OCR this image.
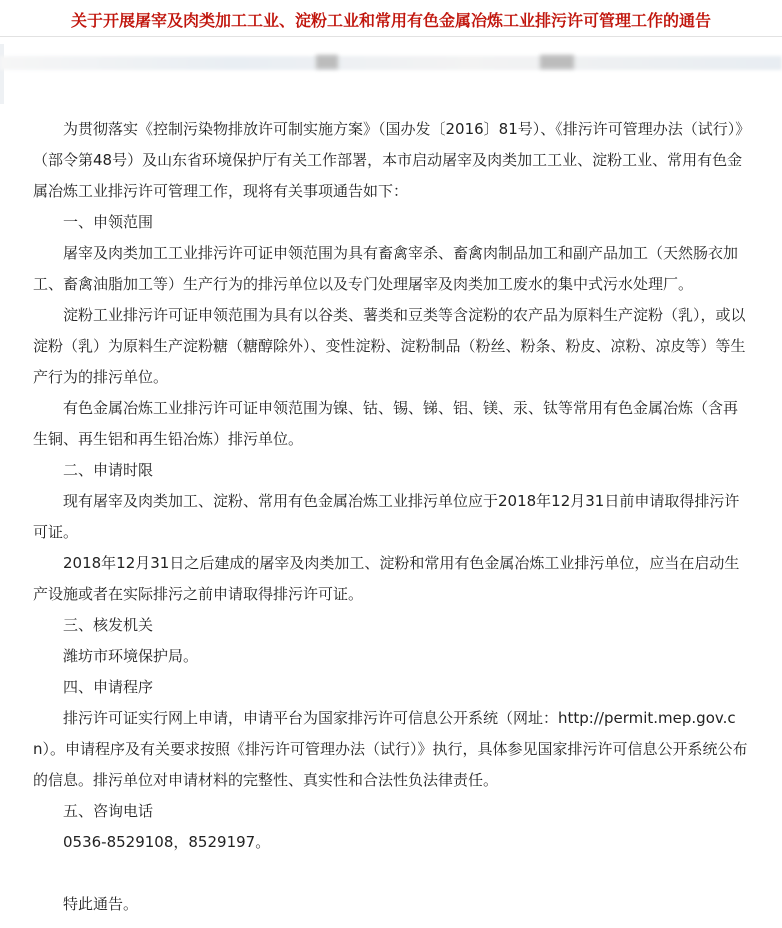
关于开展屠宰及肉类加工工业、淀粉工业和常用有色金属冶炼工业排污许可管理工作的通告

为贯彻落实《控制污染物排放许可制实施方案》（国办发〔2016〕81号）、《排污许可管理办法（试行）》（部令第48号）及山东省环境保护厅有关工作部署，本市启动屠宰及肉类加工工业、淀粉工业、常用有色金属冶炼工业排污许可管理工作，现将有关事项通告如下：

一、申领范围

屠宰及肉类加工工业排污许可证申领范围为具有畜禽宰杀、畜禽肉制品加工和副产品加工（天然肠衣加工、畜禽油脂加工等）生产行为的排污单位以及专门处理屠宰及肉类加工废水的集中式污水处理厂。

淀粉工业排污许可证申领范围为具有以谷类、薯类和豆类等含淀粉的农产品为原料生产淀粉（乳），或以淀粉（乳）为原料生产淀粉糖（糖醇除外）、变性淀粉、淀粉制品（粉丝、粉条、粉皮、凉粉、凉皮等）等生产行为的排污单位。

有色金属冶炼工业排污许可证申领范围为镍、钴、锡、锑、铝、镁、汞、钛等常用有色金属冶炼（含再生铜、再生铝和再生铅冶炼）排污单位。

二、申请时限

现有屠宰及肉类加工、淀粉、常用有色金属冶炼工业排污单位应于2018年12月31日前申请取得排污许可证。

2018年12月31日之后建成的屠宰及肉类加工、淀粉和常用有色金属冶炼工业排污单位，应当在启动生产设施或者在实际排污之前申请取得排污许可证。

三、核发机关

潍坊市环境保护局。

四、申请程序

排污许可证实行网上申请，申请平台为国家排污许可信息公开系统（网址：http://permit.mep.gov.cn）。申请程序及有关要求按照《排污许可管理办法（试行）》执行，具体参见国家排污许可信息公开系统公布的信息。排污单位对申请材料的完整性、真实性和合法性负法律责任。

五、咨询电话

0536-8529108，8529197。

特此通告。
